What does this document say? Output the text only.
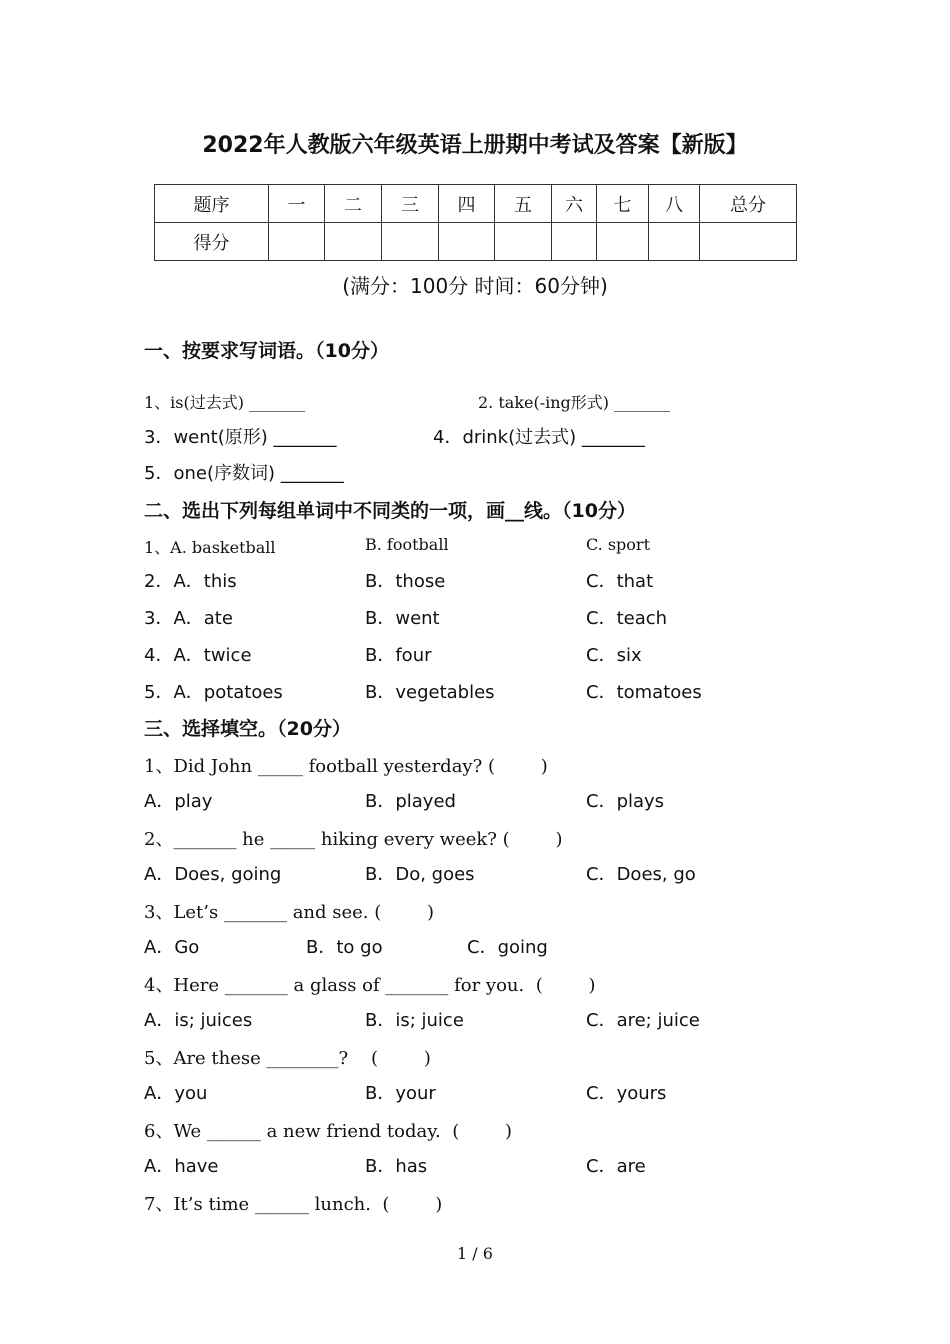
2022年人教版六年级英语上册期中考试及答案【新版】
题序	一	二	三	四	五	六	七	八	总分
得分									
(满分：100分 时间：60分钟)
一、按要求写词语。（10分）
1、is(过去式) _______	2. take(-ing形式) _______
3．went(原形) _______	4．drink(过去式) _______
5．one(序数词) _______
二、选出下列每组单词中不同类的一项，画__线。（10分）
1、A. basketball	B. football	C. sport
2．A．this	B．those	C．that
3．A．ate	B．went	C．teach
4．A．twice	B．four	C．six
5．A．potatoes	B．vegetables	C．tomatoes
三、选择填空。（20分）
1、Did John _____ football yesterday? (        )
A．play	B．played	C．plays
2、_______ he _____ hiking every week? (        )
A．Does, going	B．Do, goes	C．Does, go
3、Let’s _______ and see. (        )
A．Go	B．to go	C．going
4、Here _______ a glass of _______ for you.  (        )
A．is; juices	B．is; juice	C．are; juice
5、Are these ________?    (        )
A．you	B．your	C．yours
6、We ______ a new friend today.  (        )
A．have	B．has	C．are
7、It’s time ______ lunch.  (        )
1 / 6
